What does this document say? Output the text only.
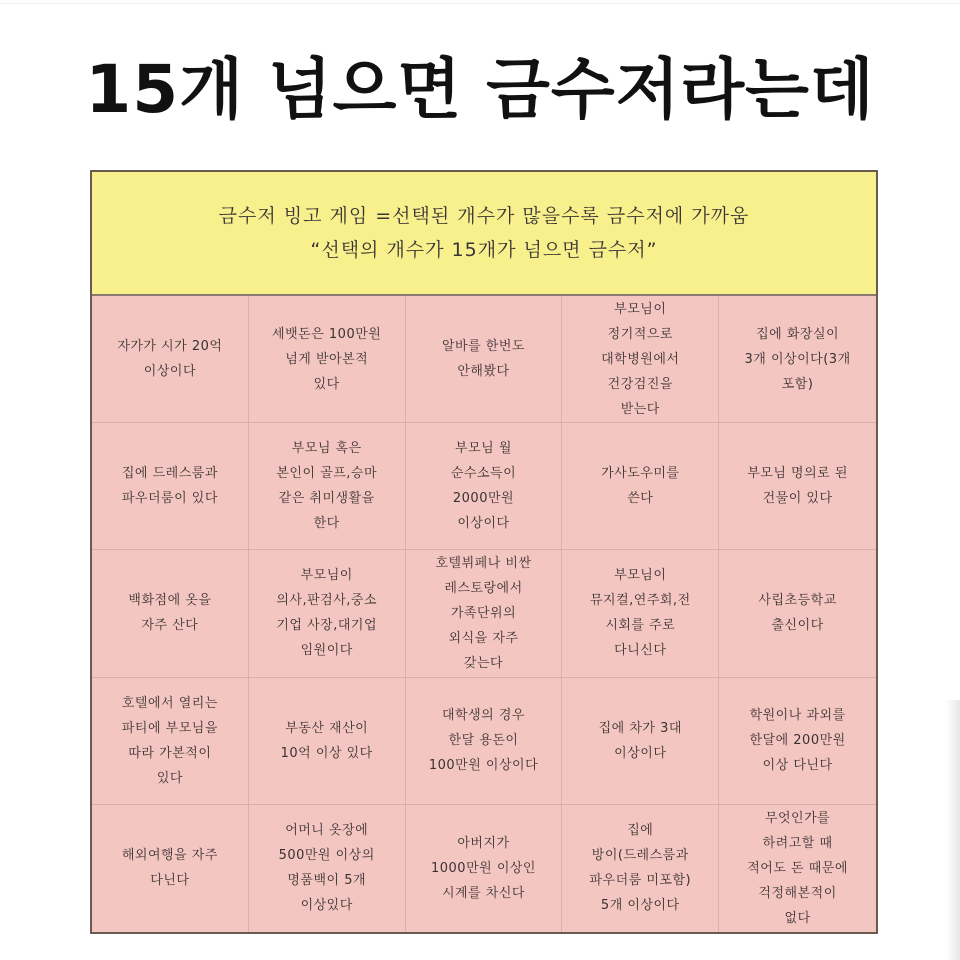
15개 넘으면 금수저라는데
금수저 빙고 게임 =선택된 개수가 많을수록 금수저에 가까움
“선택의 개수가 15개가 넘으면 금수저”
자가가 시가 20억
이상이다
세뱃돈은 100만원
넘게 받아본적
있다
알바를 한번도
안해봤다
부모님이
정기적으로
대학병원에서
건강검진을
받는다
집에 화장실이
3개 이상이다(3개
포함)
집에 드레스룸과
파우더룸이 있다
부모님 혹은
본인이 골프,승마
같은 취미생활을
한다
부모님 월
순수소득이
2000만원
이상이다
가사도우미를
쓴다
부모님 명의로 된
건물이 있다
백화점에 옷을
자주 산다
부모님이
의사,판검사,중소
기업 사장,대기업
임원이다
호텔뷔페나 비싼
레스토랑에서
가족단위의
외식을 자주
갖는다
부모님이
뮤지컬,연주회,전
시회를 주로
다니신다
사립초등학교
출신이다
호텔에서 열리는
파티에 부모님을
따라 가본적이
있다
부동산 재산이
10억 이상 있다
대학생의 경우
한달 용돈이
100만원 이상이다
집에 차가 3대
이상이다
학원이나 과외를
한달에 200만원
이상 다닌다
해외여행을 자주
다닌다
어머니 옷장에
500만원 이상의
명품백이 5개
이상있다
아버지가
1000만원 이상인
시계를 차신다
집에
방이(드레스룸과
파우더룸 미포함)
5개 이상이다
무엇인가를
하려고할 때
적어도 돈 때문에
걱정해본적이
없다
